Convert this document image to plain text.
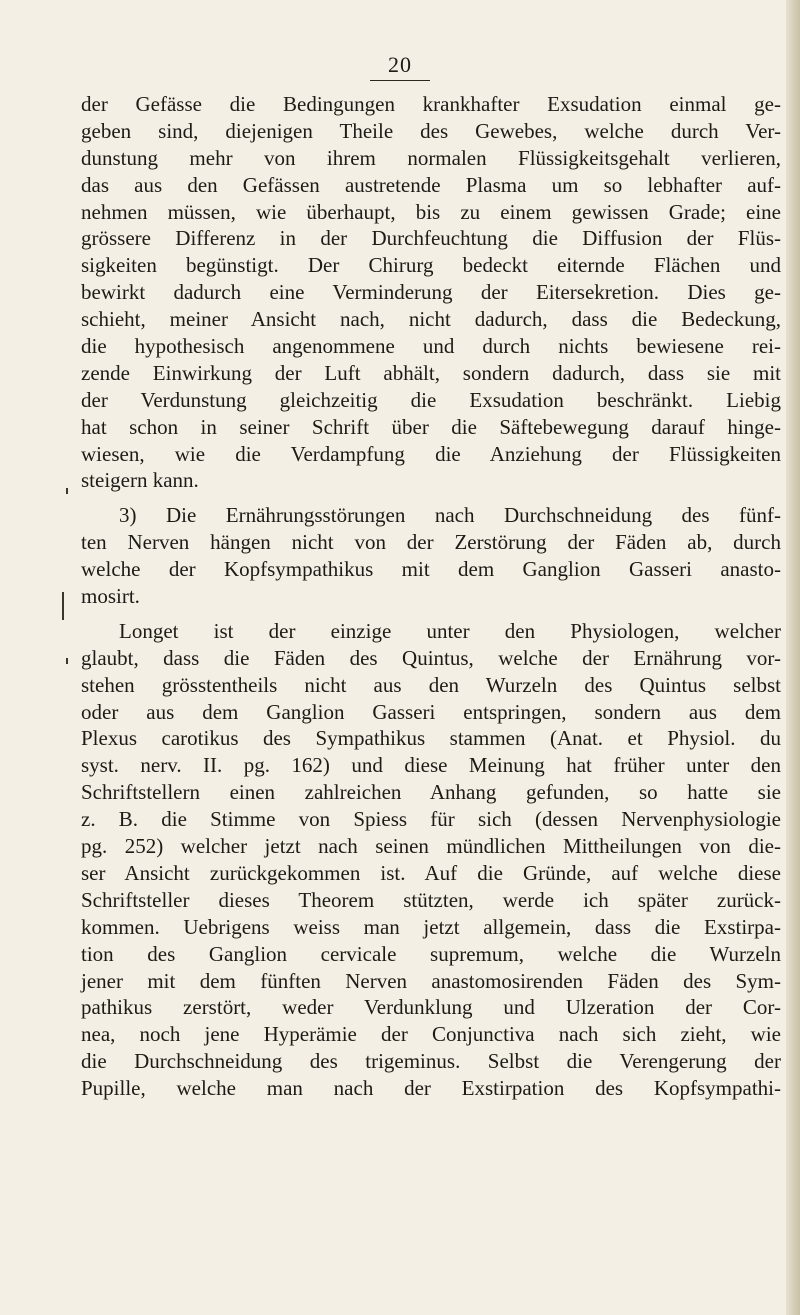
20
der Gefässe die Bedingungen krankhafter Exsudation einmal ge-
geben sind, diejenigen Theile des Gewebes, welche durch Ver-
dunstung mehr von ihrem normalen Flüssigkeitsgehalt verlieren,
das aus den Gefässen austretende Plasma um so lebhafter auf-
nehmen müssen, wie überhaupt, bis zu einem gewissen Grade; eine
grössere Differenz in der Durchfeuchtung die Diffusion der Flüs-
sigkeiten begünstigt. Der Chirurg bedeckt eiternde Flächen und
bewirkt dadurch eine Verminderung der Eitersekretion. Dies ge-
schieht, meiner Ansicht nach, nicht dadurch, dass die Bedeckung,
die hypothesisch angenommene und durch nichts bewiesene rei-
zende Einwirkung der Luft abhält, sondern dadurch, dass sie mit
der Verdunstung gleichzeitig die Exsudation beschränkt. Liebig
hat schon in seiner Schrift über die Säftebewegung darauf hinge-
wiesen, wie die Verdampfung die Anziehung der Flüssigkeiten
steigern kann.
3) Die Ernährungsstörungen nach Durchschneidung des fünf-
ten Nerven hängen nicht von der Zerstörung der Fäden ab, durch
welche der Kopfsympathikus mit dem Ganglion Gasseri anasto-
mosirt.
Longet ist der einzige unter den Physiologen, welcher
glaubt, dass die Fäden des Quintus, welche der Ernährung vor-
stehen grösstentheils nicht aus den Wurzeln des Quintus selbst
oder aus dem Ganglion Gasseri entspringen, sondern aus dem
Plexus carotikus des Sympathikus stammen (Anat. et Physiol. du
syst. nerv. II. pg. 162) und diese Meinung hat früher unter den
Schriftstellern einen zahlreichen Anhang gefunden, so hatte sie
z. B. die Stimme von Spiess für sich (dessen Nervenphysiologie
pg. 252) welcher jetzt nach seinen mündlichen Mittheilungen von die-
ser Ansicht zurückgekommen ist. Auf die Gründe, auf welche diese
Schriftsteller dieses Theorem stützten, werde ich später zurück-
kommen. Uebrigens weiss man jetzt allgemein, dass die Exstirpa-
tion des Ganglion cervicale supremum, welche die Wurzeln
jener mit dem fünften Nerven anastomosirenden Fäden des Sym-
pathikus zerstört, weder Verdunklung und Ulzeration der Cor-
nea, noch jene Hyperämie der Conjunctiva nach sich zieht, wie
die Durchschneidung des trigeminus. Selbst die Verengerung der
Pupille, welche man nach der Exstirpation des Kopfsympathi-
